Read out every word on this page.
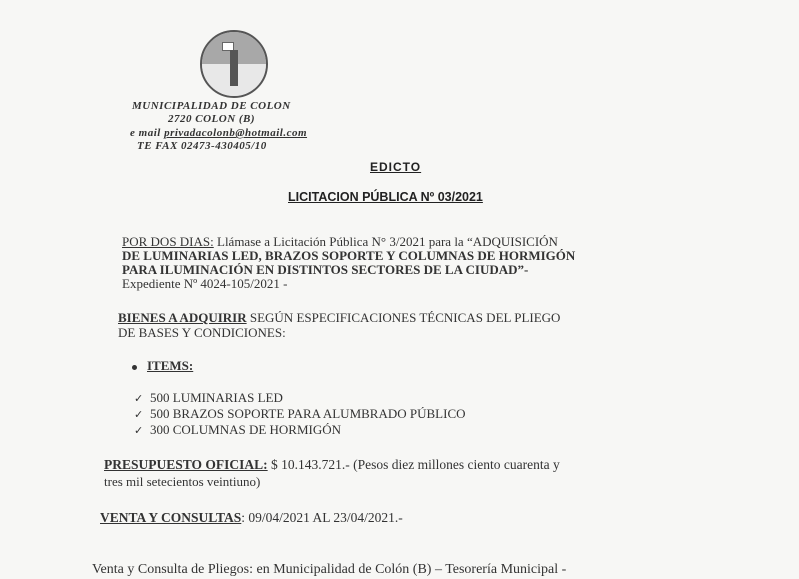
MUNICIPALIDAD DE COLON
2720 COLON (B)
e mail privadacolonb@hotmail.com
TE FAX 02473-430405/10
EDICTO
LICITACION PÚBLICA Nº 03/2021
POR DOS DIAS: Llámase a Licitación Pública N° 3/2021 para la “ADQUISICIÓN
DE LUMINARIAS LED, BRAZOS SOPORTE Y COLUMNAS DE HORMIGÓN
PARA ILUMINACIÓN EN DISTINTOS SECTORES DE LA CIUDAD”-
Expediente Nº 4024-105/2021 -
BIENES A ADQUIRIR SEGÚN ESPECIFICACIONES TÉCNICAS DEL PLIEGO
DE BASES Y CONDICIONES:
ITEMS:
✓ 500 LUMINARIAS LED
✓ 500 BRAZOS SOPORTE PARA ALUMBRADO PÚBLICO
✓ 300 COLUMNAS DE HORMIGÓN
PRESUPUESTO OFICIAL: $ 10.143.721.- (Pesos diez millones ciento cuarenta y
tres mil setecientos veintiuno)
VENTA Y CONSULTAS: 09/04/2021 AL 23/04/2021.-
Venta y Consulta de Pliegos: en Municipalidad de Colón (B) – Tesorería Municipal -
